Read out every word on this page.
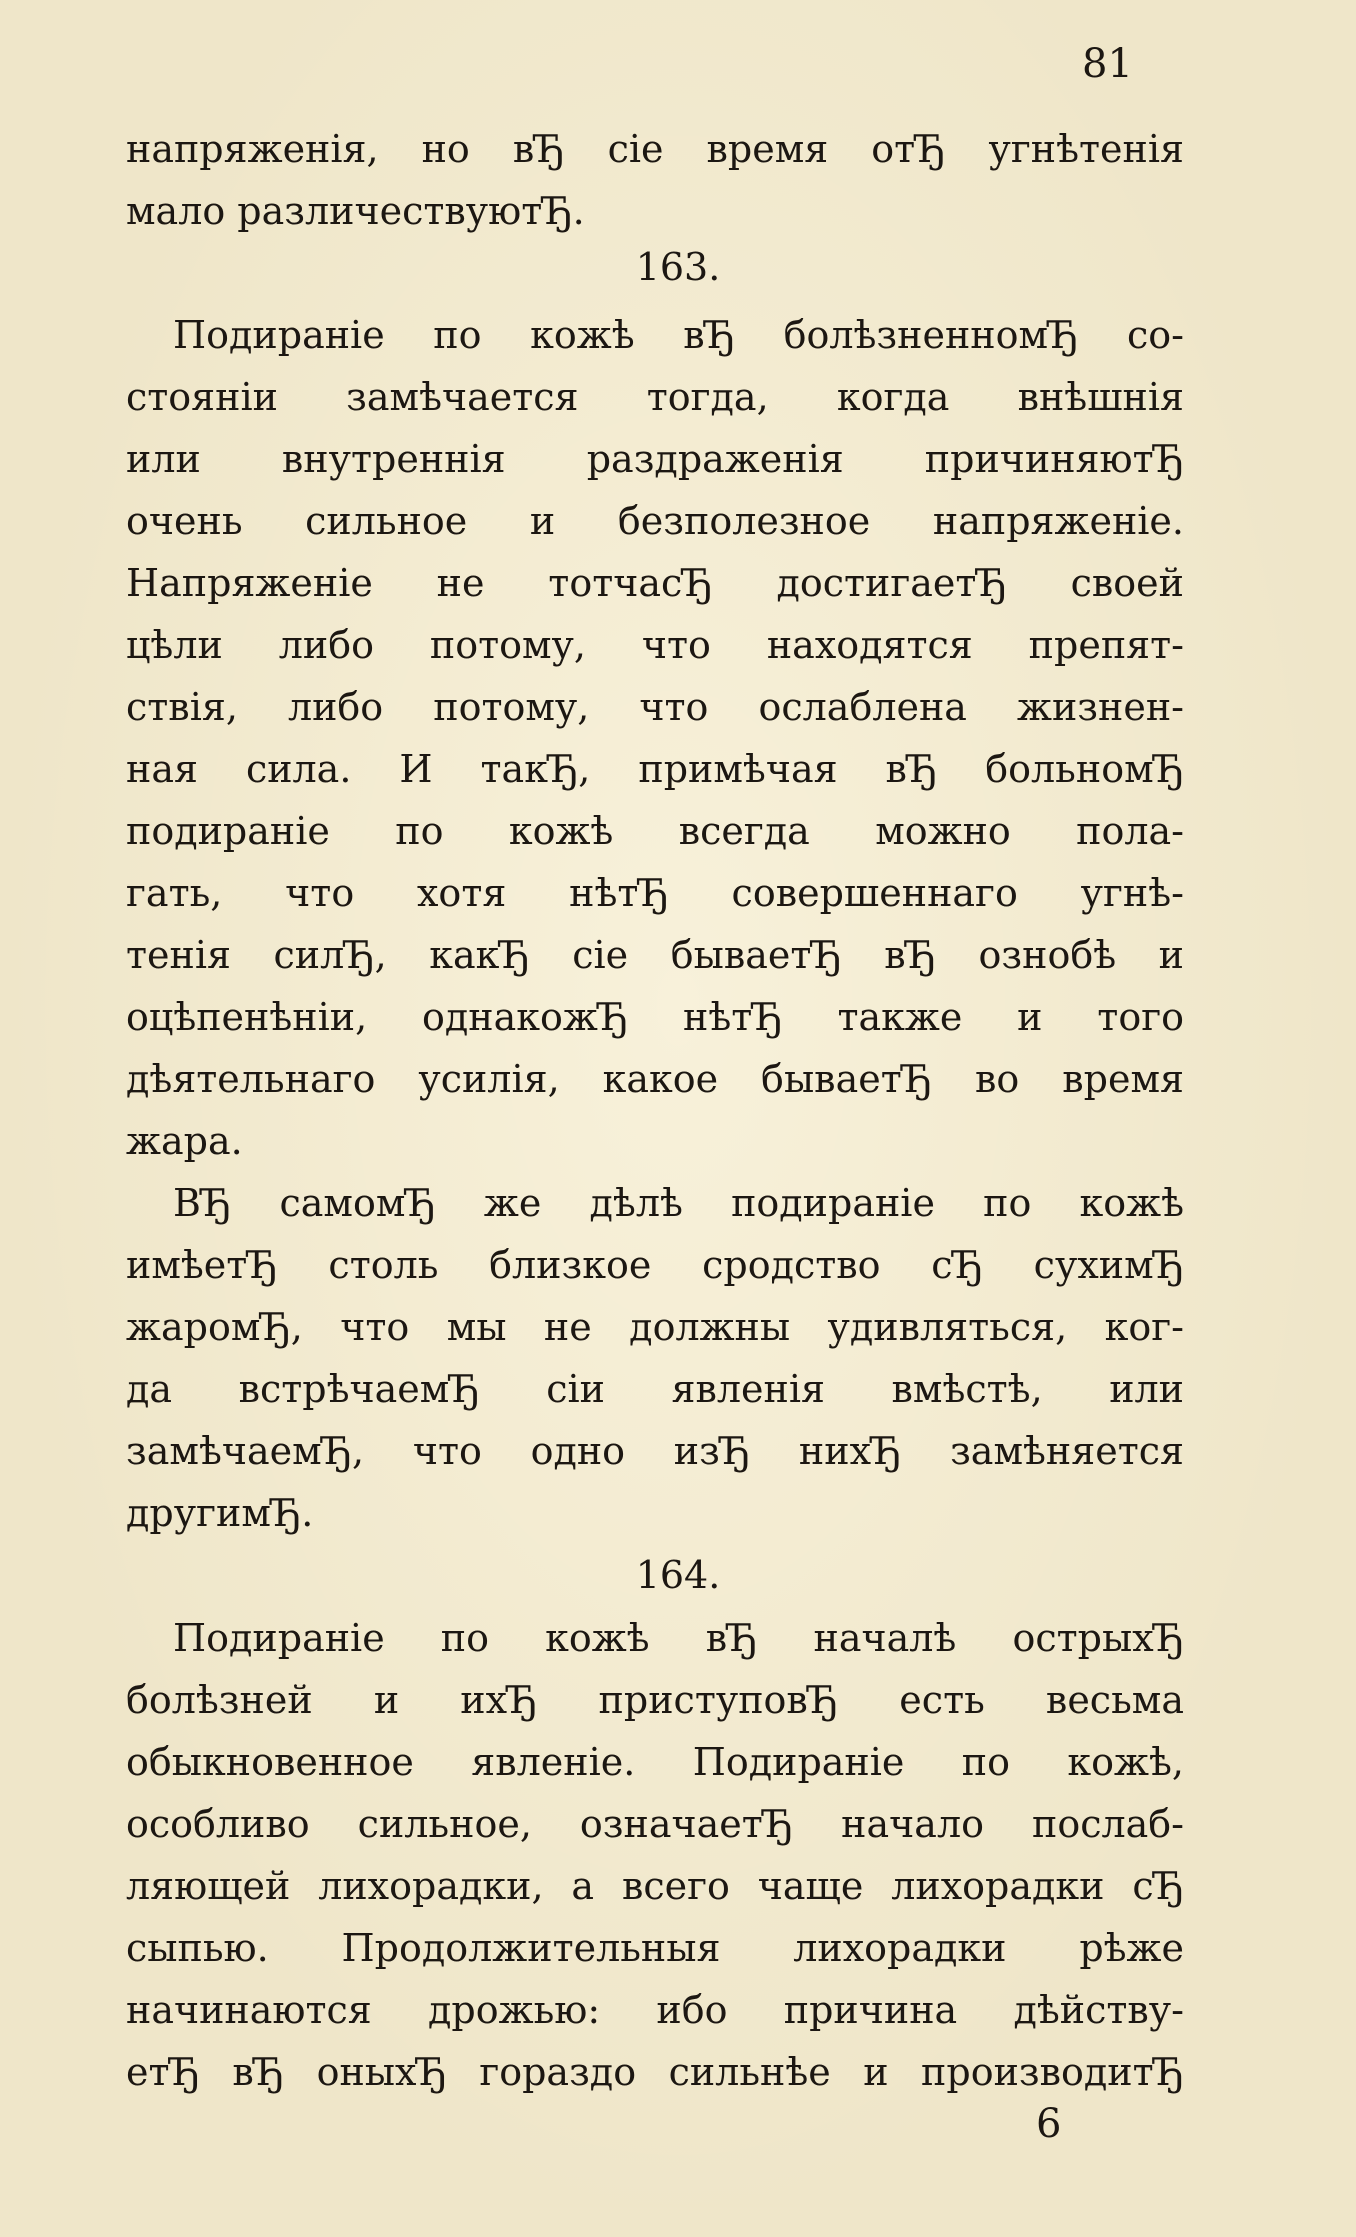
81
напряженія, но вЂ сіе время отЂ угнѣтенія
мало различествуютЂ.
163.
Подираніе по кожѣ вЂ болѣзненномЂ со-
стояніи замѣчается тогда, когда внѣшнія
или внутреннія раздраженія причиняютЂ
очень сильное и безполезное напряженіе.
Напряженіе не тотчасЂ достигаетЂ своей
цѣли либо потому, что находятся препят-
ствія, либо потому, что ослаблена жизнен-
ная сила. И такЂ, примѣчая вЂ больномЂ
подираніе по кожѣ всегда можно пола-
гать, что хотя нѣтЂ совершеннаго угнѣ-
тенія силЂ, какЂ сіе бываетЂ вЂ ознобѣ и
оцѣпенѣніи, однакожЂ нѣтЂ также и того
дѣятельнаго усилія, какое бываетЂ во время
жара.
ВЂ самомЂ же дѣлѣ подираніе по кожѣ
имѣетЂ столь близкое сродство сЂ сухимЂ
жаромЂ, что мы не должны удивляться, ког-
да встрѣчаемЂ сіи явленія вмѣстѣ, или
замѣчаемЂ, что одно изЂ нихЂ замѣняется
другимЂ.
164.
Подираніе по кожѣ вЂ началѣ острыхЂ
болѣзней и ихЂ приступовЂ есть весьма
обыкновенное явленіе. Подираніе по кожѣ,
особливо сильное, означаетЂ начало послаб-
ляющей лихорадки, а всего чаще лихорадки сЂ
сыпью. Продолжительныя лихорадки рѣже
начинаются дрожью: ибо причина дѣйству-
етЂ вЂ оныхЂ гораздо сильнѣе и производитЂ
6
